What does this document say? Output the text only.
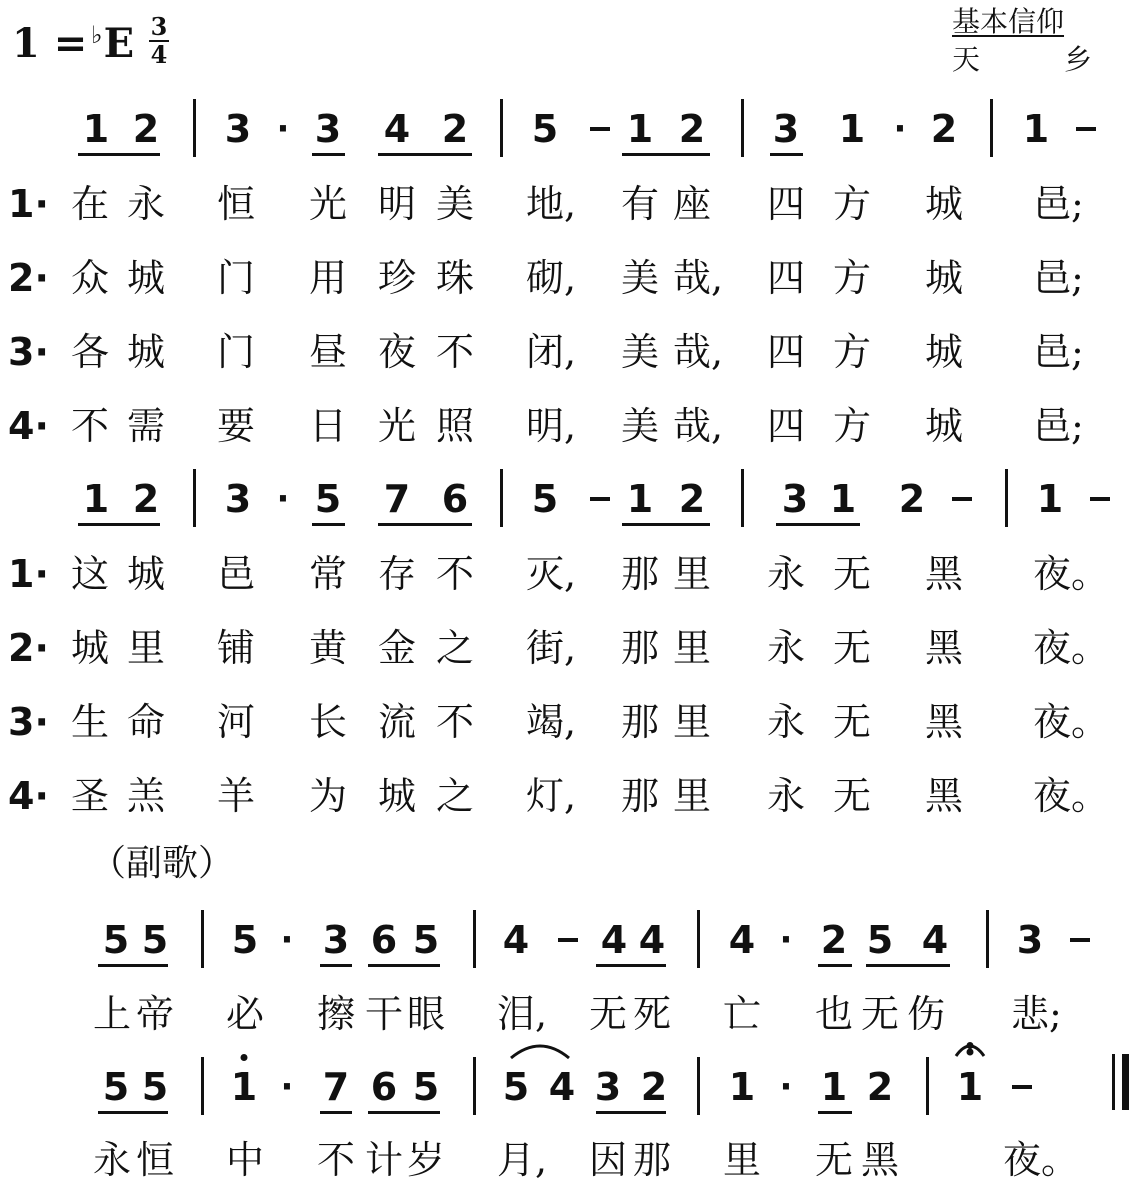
1 = ♭E 3
4
基本信仰
天	乡
1 2 3 · 3 4 2 5 1 2 3 1 · 2 1
1 2 3 · 5 7 6 5 1 2 3 1 2	1
5 5 5 · 3 6 5 4 4 4 4 · 2 5 4 3
5 5 1 · 7 6 5 5 4 3 2 1 · 1 2 1
1·
1·
2·
2·
3·
3·
4·
4·
在 永 恒 光 明 美 地, 有 座 四 方 城 邑;
众 城 门 用 珍 珠 砌, 美 哉, 四 方 城 邑;
各 城 门 昼 夜 不 闭, 美 哉, 四 方 城 邑;
不 需 要 日 光 照 明, 美 哉, 四 方 城 邑;
这 城 邑 常 存 不 灭, 那 里 永 无 黑 夜。
城 里 铺 黄 金 之 街, 那 里 永 无 黑 夜。
生 命 河 长 流 不 竭, 那 里 永 无 黑 夜。
圣 羔 羊 为 城 之 灯, 那 里 永 无 黑 夜。
上 帝 必 擦 干 眼 泪, 无 死 亡 也 无 伤 悲;
永 恒 中 不 计 岁 月, 因 那 里 无 黑	夜。
（副歌）
